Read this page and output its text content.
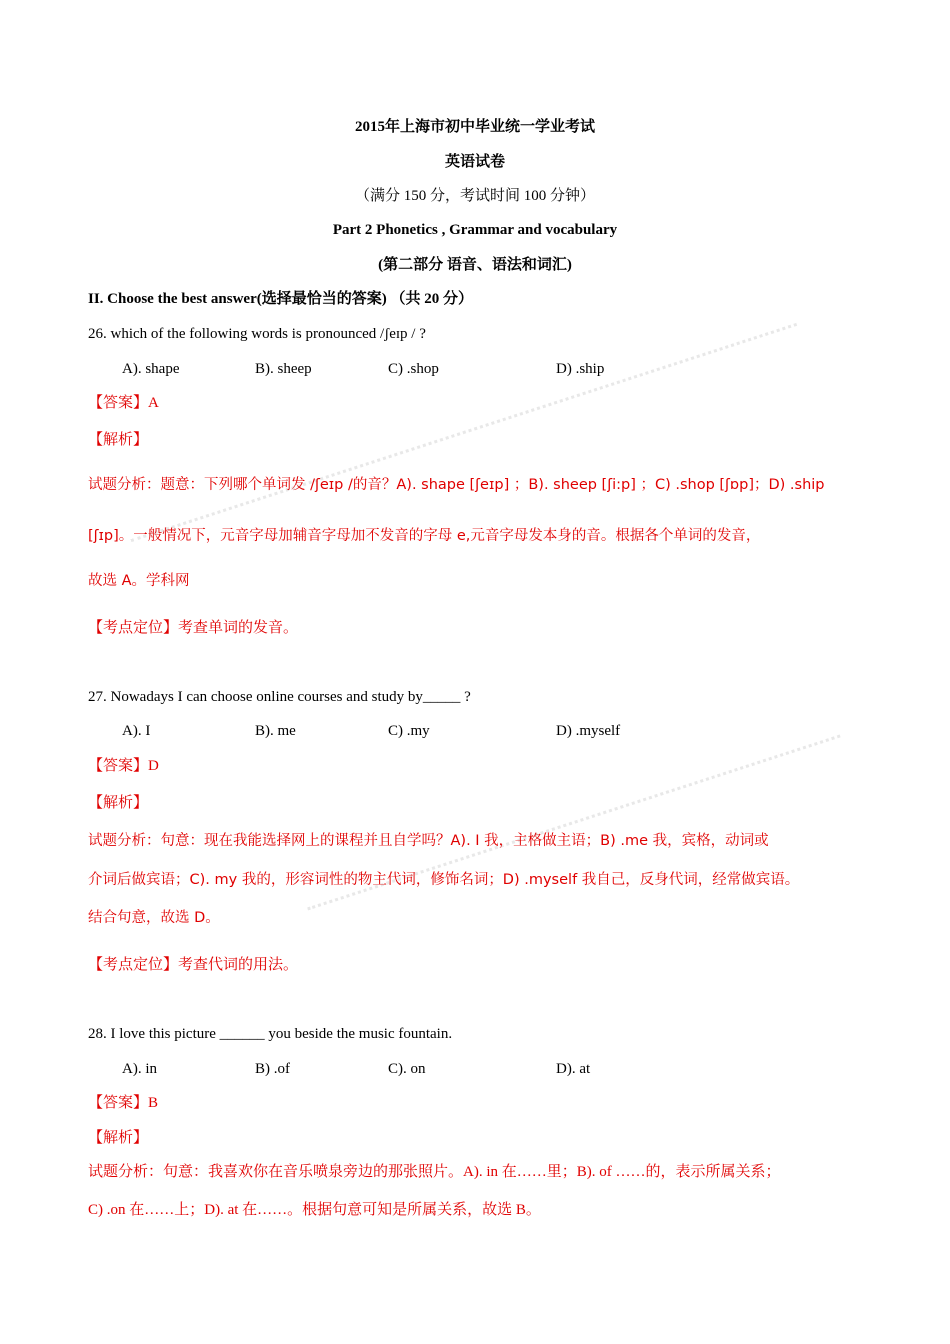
2015年上海市初中毕业统一学业考试
英语试卷
（满分 150 分，考试时间 100 分钟）
Part 2 Phonetics , Grammar and vocabulary
(第二部分 语音、语法和词汇)
II. Choose the best answer(选择最恰当的答案) （共 20 分）
26. which of the following words is pronounced /ʃeɪp / ?
A). shape	B). sheep	C) .shop	D) .ship
【答案】A
【解析】
试题分析：题意：下列哪个单词发 /ʃeɪp /的音？A). shape [ʃeɪp] ；B). sheep [ʃi:p] ；C) .shop [ʃɒp]；D) .ship
[ʃɪp]。一般情况下，元音字母加辅音字母加不发音的字母 e,元音字母发本身的音。根据各个单词的发音，
故选 A。学科网
【考点定位】考查单词的发音。
27. Nowadays I can choose online courses and study by_____ ?
A). I	B). me	C) .my	D) .myself
【答案】D
【解析】
试题分析：句意：现在我能选择网上的课程并且自学吗？A). I 我，主格做主语；B) .me 我，宾格，动词或
介词后做宾语；C). my 我的，形容词性的物主代词，修饰名词；D) .myself 我自己，反身代词，经常做宾语。
结合句意，故选 D。
【考点定位】考查代词的用法。
28. I love this picture ______ you beside the music fountain.
A). in	B) .of	C). on	D). at
【答案】B
【解析】
试题分析：句意：我喜欢你在音乐喷泉旁边的那张照片。A). in 在……里；B). of ……的，表示所属关系；
C) .on 在……上；D). at 在……。根据句意可知是所属关系，故选 B。
